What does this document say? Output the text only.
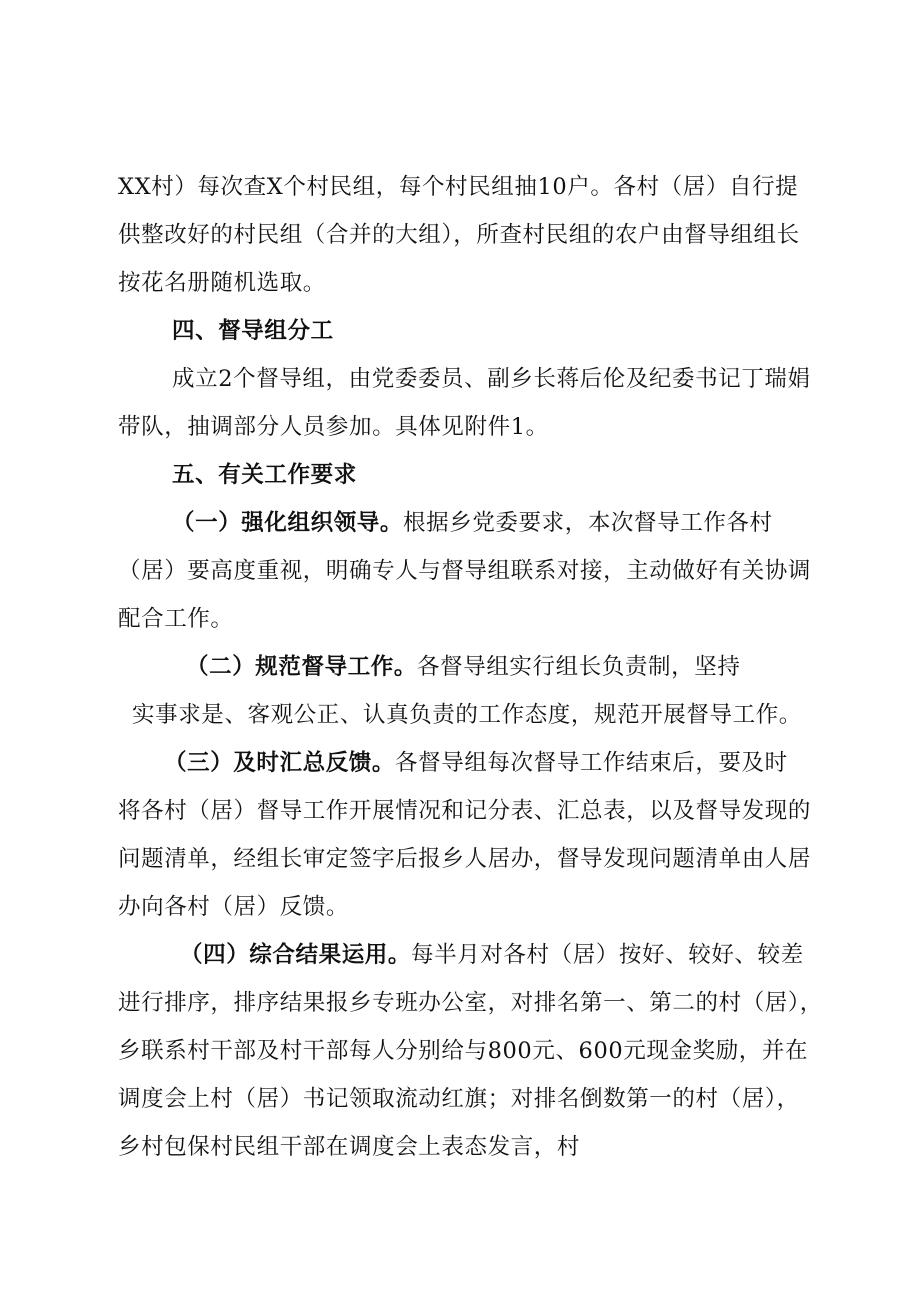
XX村）每次查X个村民组，每个村民组抽10户。各村（居）自行提
供整改好的村民组（合并的大组），所查村民组的农户由督导组组长
按花名册随机选取。
四、督导组分工
成立2个督导组，由党委委员、副乡长蒋后伦及纪委书记丁瑞娟
带队，抽调部分人员参加。具体见附件1。
五、有关工作要求
（一）强化组织领导。根据乡党委要求，本次督导工作各村
（居）要高度重视，明确专人与督导组联系对接，主动做好有关协调
配合工作。
（二）规范督导工作。各督导组实行组长负责制，坚持
实事求是、客观公正、认真负责的工作态度，规范开展督导工作。
（三）及时汇总反馈。各督导组每次督导工作结束后，要及时
将各村（居）督导工作开展情况和记分表、汇总表，以及督导发现的
问题清单，经组长审定签字后报乡人居办，督导发现问题清单由人居
办向各村（居）反馈。
（四）综合结果运用。每半月对各村（居）按好、较好、较差
进行排序，排序结果报乡专班办公室，对排名第一、第二的村（居），
乡联系村干部及村干部每人分别给与800元、600元现金奖励，并在
调度会上村（居）书记领取流动红旗；对排名倒数第一的村（居），
乡村包保村民组干部在调度会上表态发言，村
